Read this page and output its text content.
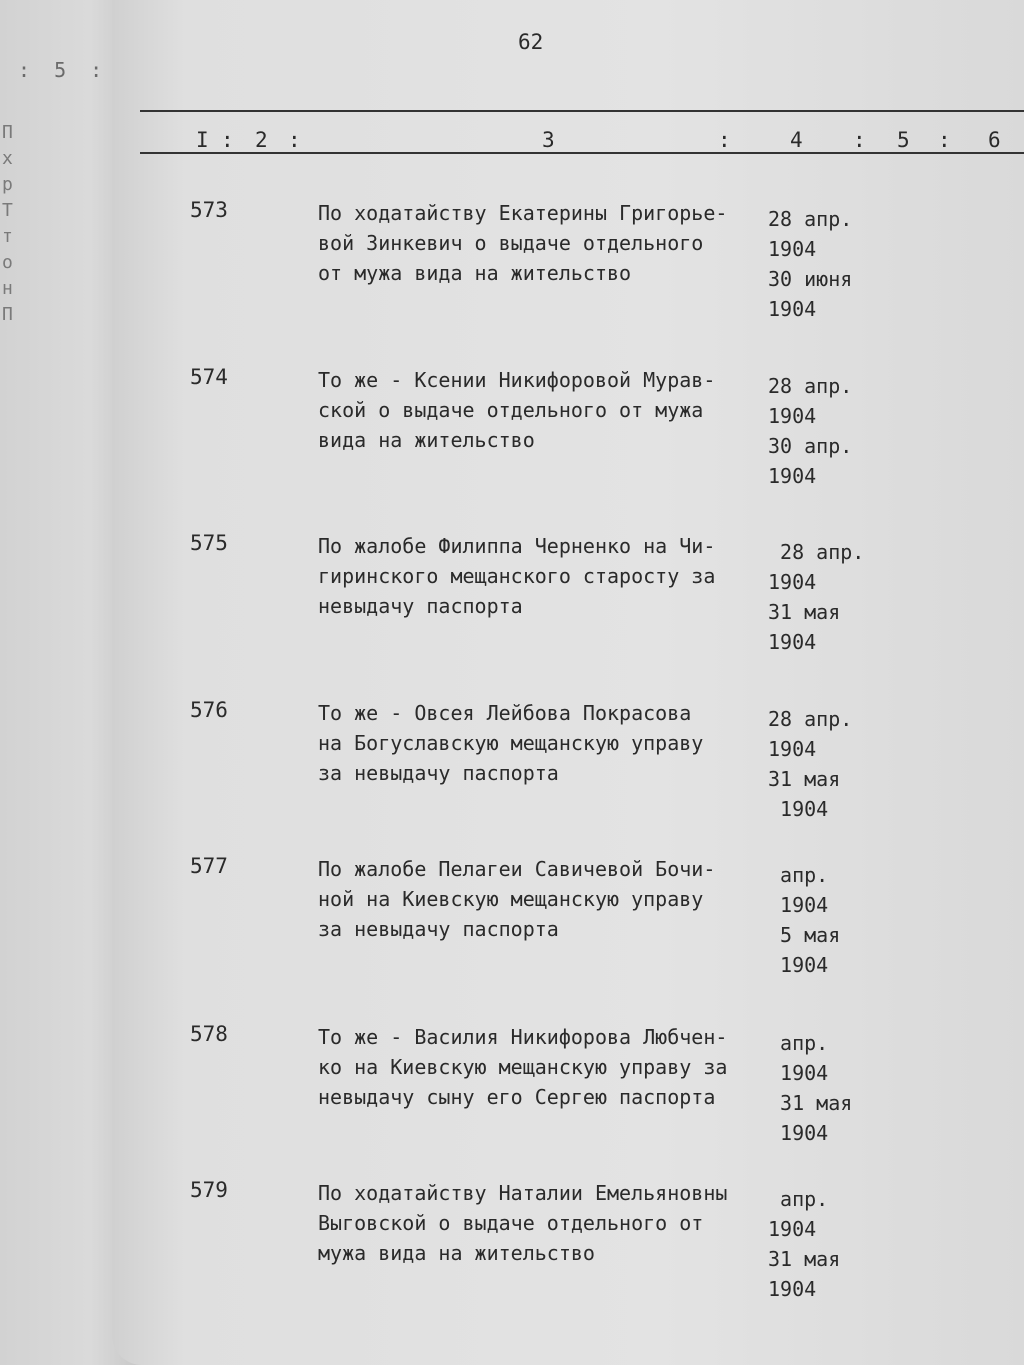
: 5 :
П
х
р
Т
т
о
н
П
62
I : 2 :	3	:	4 : 5 : 6
573	По ходатайству Екатерины Григорье-
вой Зинкевич о выдаче отдельного
от мужа вида на жительство
28 апр.
1904
30 июня
1904
574	То же - Ксении Никифоровой Мурав-
ской о выдаче отдельного от мужа
вида на жительство
28 апр.
1904
30 апр.
1904
575	По жалобе Филиппа Черненко на Чи-
гиринского мещанского старосту за
невыдачу паспорта
28 апр.
1904
31 мая
1904
576	То же - Овсея Лейбова Покрасова
на Богуславскую мещанскую управу
за невыдачу паспорта
28 апр.
1904
31 мая
1904
577	По жалобе Пелагеи Савичевой Бочи-
ной на Киевскую мещанскую управу
за невыдачу паспорта
апр.
1904
5 мая
1904
578	То же - Василия Никифорова Любчен-
ко на Киевскую мещанскую управу за
невыдачу сыну его Сергею паспорта
апр.
1904
31 мая
1904
579	По ходатайству Наталии Емельяновны
Выговской о выдаче отдельного от
мужа вида на жительство
апр.
1904
31 мая
1904
